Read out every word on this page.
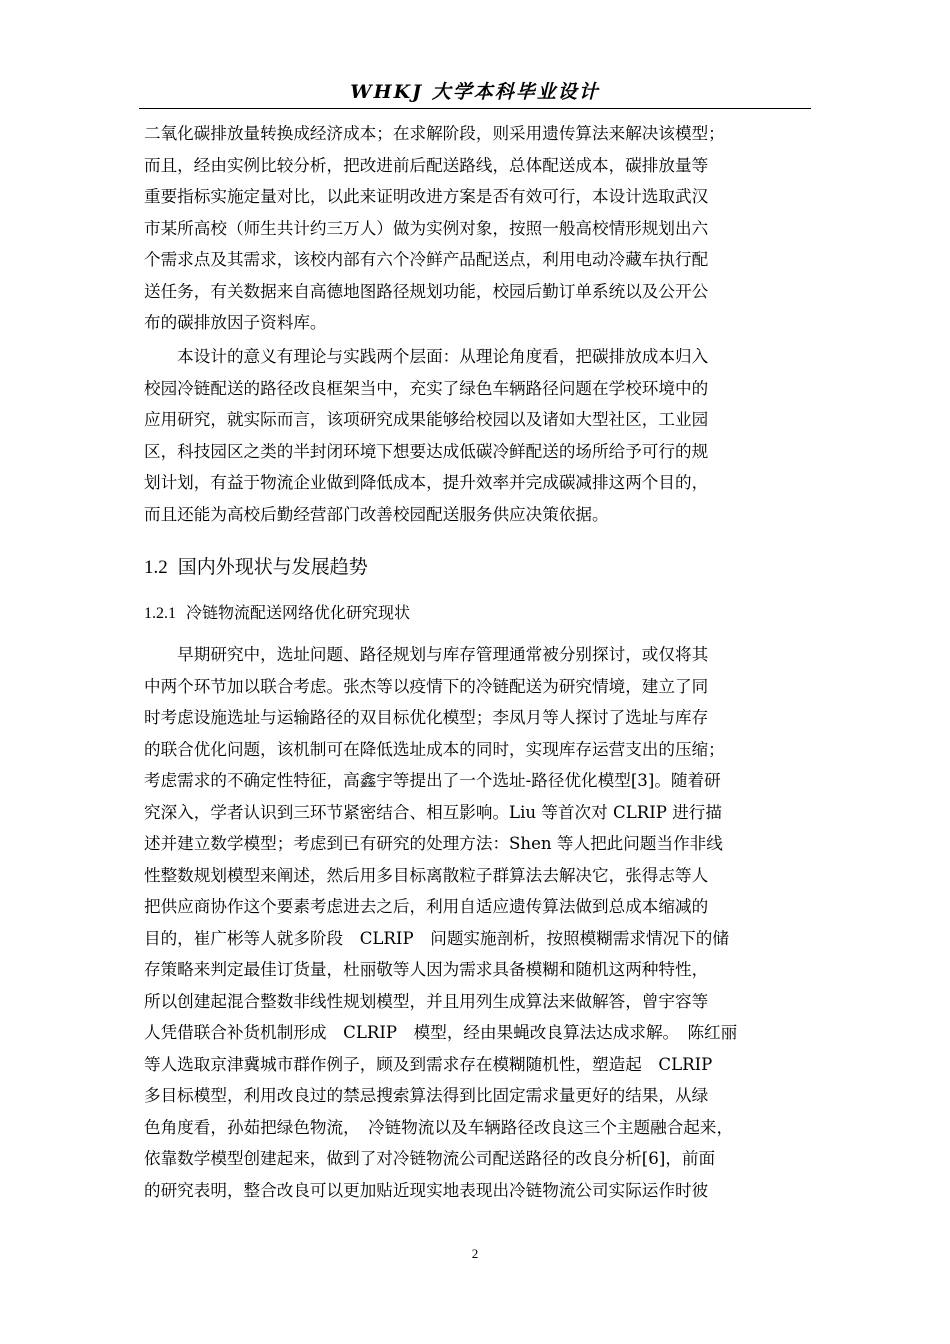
WHKJ 大学本科毕业设计
二氧化碳排放量转换成经济成本；在求解阶段，则采用遗传算法来解决该模型；
而且，经由实例比较分析，把改进前后配送路线，总体配送成本，碳排放量等
重要指标实施定量对比，以此来证明改进方案是否有效可行，本设计选取武汉
市某所高校（师生共计约三万人）做为实例对象，按照一般高校情形规划出六
个需求点及其需求，该校内部有六个冷鲜产品配送点，利用电动冷藏车执行配
送任务，有关数据来自高德地图路径规划功能，校园后勤订单系统以及公开公
布的碳排放因子资料库。
　　本设计的意义有理论与实践两个层面：从理论角度看，把碳排放成本归入
校园冷链配送的路径改良框架当中，充实了绿色车辆路径问题在学校环境中的
应用研究，就实际而言，该项研究成果能够给校园以及诸如大型社区，工业园
区，科技园区之类的半封闭环境下想要达成低碳冷鲜配送的场所给予可行的规
划计划，有益于物流企业做到降低成本，提升效率并完成碳减排这两个目的，
而且还能为高校后勤经营部门改善校园配送服务供应决策依据。
1.2 国内外现状与发展趋势
1.2.1 冷链物流配送网络优化研究现状
　　早期研究中，选址问题、路径规划与库存管理通常被分别探讨，或仅将其
中两个环节加以联合考虑。张杰等以疫情下的冷链配送为研究情境，建立了同
时考虑设施选址与运输路径的双目标优化模型；李凤月等人探讨了选址与库存
的联合优化问题，该机制可在降低选址成本的同时，实现库存运营支出的压缩；
考虑需求的不确定性特征，高鑫宇等提出了一个选址-路径优化模型[3]。随着研
究深入，学者认识到三环节紧密结合、相互影响。Liu 等首次对 CLRIP 进行描
述并建立数学模型；考虑到已有研究的处理方法：Shen 等人把此问题当作非线
性整数规划模型来阐述，然后用多目标离散粒子群算法去解决它，张得志等人
把供应商协作这个要素考虑进去之后，利用自适应遗传算法做到总成本缩减的
目的，崔广彬等人就多阶段　CLRIP　问题实施剖析，按照模糊需求情况下的储
存策略来判定最佳订货量，杜丽敬等人因为需求具备模糊和随机这两种特性，
所以创建起混合整数非线性规划模型，并且用列生成算法来做解答，曾宇容等
人凭借联合补货机制形成　CLRIP　模型，经由果蝇改良算法达成求解。　陈红丽
等人选取京津冀城市群作例子，顾及到需求存在模糊随机性，塑造起　CLRIP
多目标模型，利用改良过的禁忌搜索算法得到比固定需求量更好的结果，从绿
色角度看，孙茹把绿色物流，　冷链物流以及车辆路径改良这三个主题融合起来，
依靠数学模型创建起来，做到了对冷链物流公司配送路径的改良分析[6]，前面
的研究表明，整合改良可以更加贴近现实地表现出冷链物流公司实际运作时彼
2
